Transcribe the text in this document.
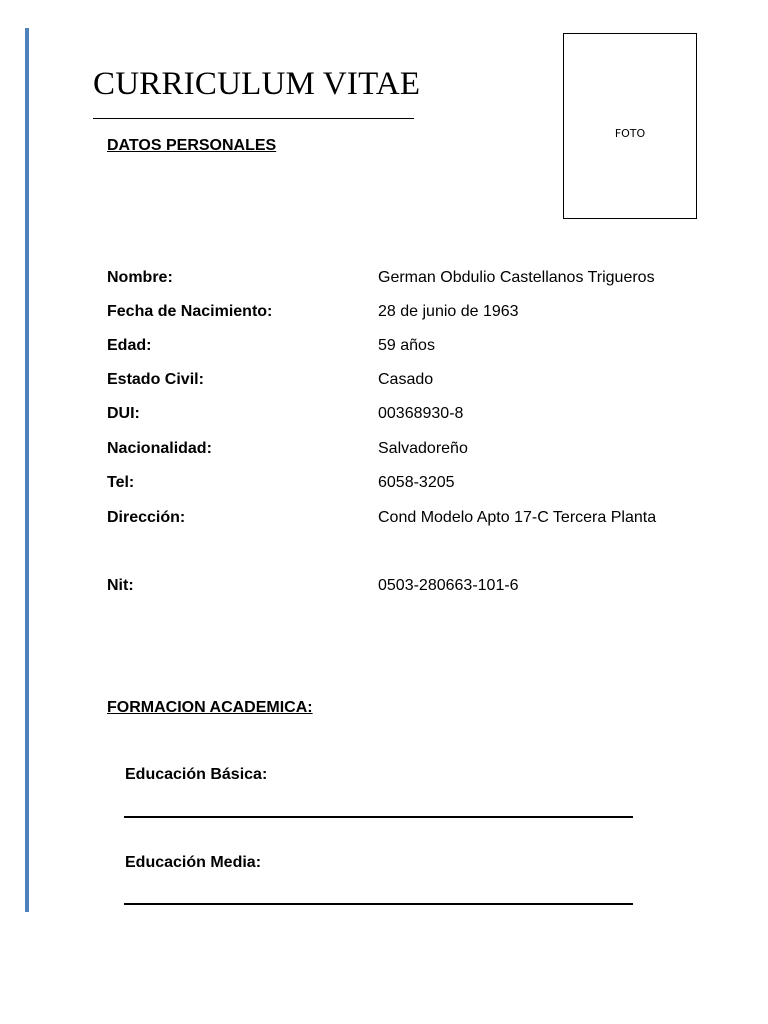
CURRICULUM VITAE
FOTO
DATOS PERSONALES
Nombre:	German Obdulio Castellanos Trigueros
Fecha de Nacimiento:	28 de junio de 1963
Edad:	59 años
Estado Civil:	Casado
DUI:	00368930-8
Nacionalidad:	Salvadoreño
Tel:	6058-3205
Dirección:	Cond Modelo Apto 17-C Tercera Planta
Nit:	0503-280663-101-6
FORMACION ACADEMICA:
Educación Básica:
Educación Media:
